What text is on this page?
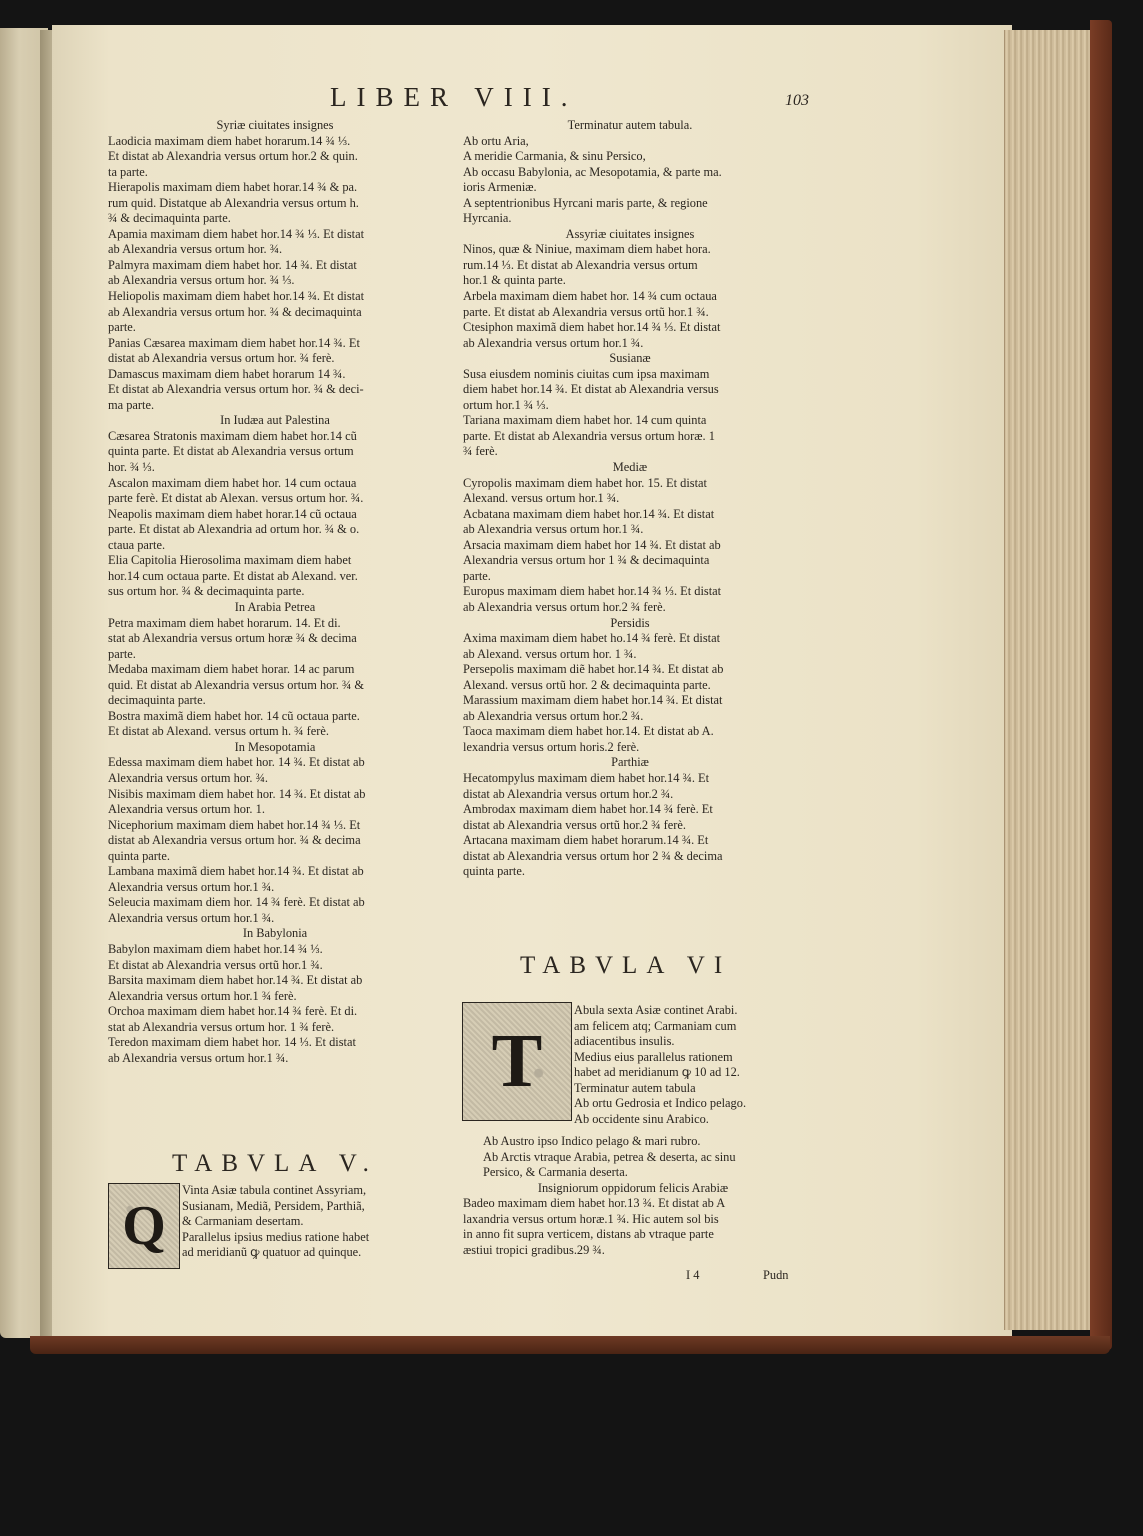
LIBER VIII.	103
Syriæ ciuitates insignes
Laodicia maximam diem habet horarum.14 ¾ ⅓.
Et distat ab Alexandria versus ortum hor.2 & quin.
ta parte.
Hierapolis maximam diem habet horar.14 ¾ & pa.
rum quid. Distatque ab Alexandria versus ortum h.
¾ & decimaquinta parte.
Apamia maximam diem habet hor.14 ¾ ⅓. Et distat
ab Alexandria versus ortum hor. ¾.
Palmyra maximam diem habet hor. 14 ¾. Et distat
ab Alexandria versus ortum hor. ¾ ⅓.
Heliopolis maximam diem habet hor.14 ¾. Et distat
ab Alexandria versus ortum hor. ¾ & decimaquinta
parte.
Panias Cæsarea maximam diem habet hor.14 ¾. Et
distat ab Alexandria versus ortum hor. ¾ ferè.
Damascus maximam diem habet horarum 14 ¾.
Et distat ab Alexandria versus ortum hor. ¾ & deci-
ma parte.
In Iudæa aut Palestina
Cæsarea Stratonis maximam diem habet hor.14 cũ
quinta parte. Et distat ab Alexandria versus ortum
hor. ¾ ⅓.
Ascalon maximam diem habet hor. 14 cum octaua
parte ferè. Et distat ab Alexan. versus ortum hor. ¾.
Neapolis maximam diem habet horar.14 cũ octaua
parte. Et distat ab Alexandria ad ortum hor. ¾ & o.
ctaua parte.
Elia Capitolia Hierosolima maximam diem habet
hor.14 cum octaua parte. Et distat ab Alexand. ver.
sus ortum hor. ¾ & decimaquinta parte.
In Arabia Petrea
Petra maximam diem habet horarum. 14. Et di.
stat ab Alexandria versus ortum horæ ¾ & decima
parte.
Medaba maximam diem habet horar. 14 ac parum
quid. Et distat ab Alexandria versus ortum hor. ¾ &
decimaquinta parte.
Bostra maximã diem habet hor. 14 cũ octaua parte.
Et distat ab Alexand. versus ortum h. ¾ ferè.
In Mesopotamia
Edessa maximam diem habet hor. 14 ¾. Et distat ab
Alexandria versus ortum hor. ¾.
Nisibis maximam diem habet hor. 14 ¾. Et distat ab
Alexandria versus ortum hor. 1.
Nicephorium maximam diem habet hor.14 ¾ ⅓. Et
distat ab Alexandria versus ortum hor. ¾ & decima
quinta parte.
Lambana maximã diem habet hor.14 ¾. Et distat ab
Alexandria versus ortum hor.1 ¾.
Seleucia maximam diem hor. 14 ¾ ferè. Et distat ab
Alexandria versus ortum hor.1 ¾.
In Babylonia
Babylon maximam diem habet hor.14 ¾ ⅓.
Et distat ab Alexandria versus ortũ hor.1 ¾.
Barsita maximam diem habet hor.14 ¾. Et distat ab
Alexandria versus ortum hor.1 ¾ ferè.
Orchoa maximam diem habet hor.14 ¾ ferè. Et di.
stat ab Alexandria versus ortum hor. 1 ¾ ferè.
Teredon maximam diem habet hor. 14 ⅓. Et distat
ab Alexandria versus ortum hor.1 ¾.
TABVLA V.
Q
Vinta Asiæ tabula continet Assyriam,
Susianam, Mediã, Persidem, Parthiã,
& Carmaniam desertam.
Parallelus ipsius medius ratione habet
ad meridianũ ꝙ quatuor ad quinque.
Terminatur autem tabula.
Ab ortu Aria,
A meridie Carmania, & sinu Persico,
Ab occasu Babylonia, ac Mesopotamia, & parte ma.
ioris Armeniæ.
A septentrionibus Hyrcani maris parte, & regione
Hyrcania.
Assyriæ ciuitates insignes
Ninos, quæ & Niniue, maximam diem habet hora.
rum.14 ⅓. Et distat ab Alexandria versus ortum
hor.1 & quinta parte.
Arbela maximam diem habet hor. 14 ¾ cum octaua
parte. Et distat ab Alexandria versus ortũ hor.1 ¾.
Ctesiphon maximã diem habet hor.14 ¾ ⅓. Et distat
ab Alexandria versus ortum hor.1 ¾.
Susianæ
Susa eiusdem nominis ciuitas cum ipsa maximam
diem habet hor.14 ¾. Et distat ab Alexandria versus
ortum hor.1 ¾ ⅓.
Tariana maximam diem habet hor. 14 cum quinta
parte. Et distat ab Alexandria versus ortum horæ. 1
¾ ferè.
Mediæ
Cyropolis maximam diem habet hor. 15. Et distat
Alexand. versus ortum hor.1 ¾.
Acbatana maximam diem habet hor.14 ¾. Et distat
ab Alexandria versus ortum hor.1 ¾.
Arsacia maximam diem habet hor 14 ¾. Et distat ab
Alexandria versus ortum hor 1 ¾ & decimaquinta
parte.
Europus maximam diem habet hor.14 ¾ ⅓. Et distat
ab Alexandria versus ortum hor.2 ¾ ferè.
Persidis
Axima maximam diem habet ho.14 ¾ ferè. Et distat
ab Alexand. versus ortum hor. 1 ¾.
Persepolis maximam diẽ habet hor.14 ¾. Et distat ab
Alexand. versus ortũ hor. 2 & decimaquinta parte.
Marassium maximam diem habet hor.14 ¾. Et distat
ab Alexandria versus ortum hor.2 ¾.
Taoca maximam diem habet hor.14. Et distat ab A.
lexandria versus ortum horis.2 ferè.
Parthiæ
Hecatompylus maximam diem habet hor.14 ¾. Et
distat ab Alexandria versus ortum hor.2 ¾.
Ambrodax maximam diem habet hor.14 ¾ ferè. Et
distat ab Alexandria versus ortũ hor.2 ¾ ferè.
Artacana maximam diem habet horarum.14 ¾. Et
distat ab Alexandria versus ortum hor 2 ¾ & decima
quinta parte.
TABVLA VI
T
Abula sexta Asiæ continet Arabi.
am felicem atq; Carmaniam cum
adiacentibus insulis.
Medius eius parallelus rationem
habet ad meridianum ꝙ 10 ad 12.
Terminatur autem tabula
Ab ortu Gedrosia et Indico pelago.
Ab occidente sinu Arabico.
Ab Austro ipso Indico pelago & mari rubro.
Ab Arctis vtraque Arabia, petrea & deserta, ac sinu
Persico, & Carmania deserta.
Insigniorum oppidorum felicis Arabiæ
Badeo maximam diem habet hor.13 ¾. Et distat ab A
laxandria versus ortum horæ.1 ¾. Hic autem sol bis
in anno fit supra verticem, distans ab vtraque parte
æstiui tropici gradibus.29 ¾.
I 4	Pudn
